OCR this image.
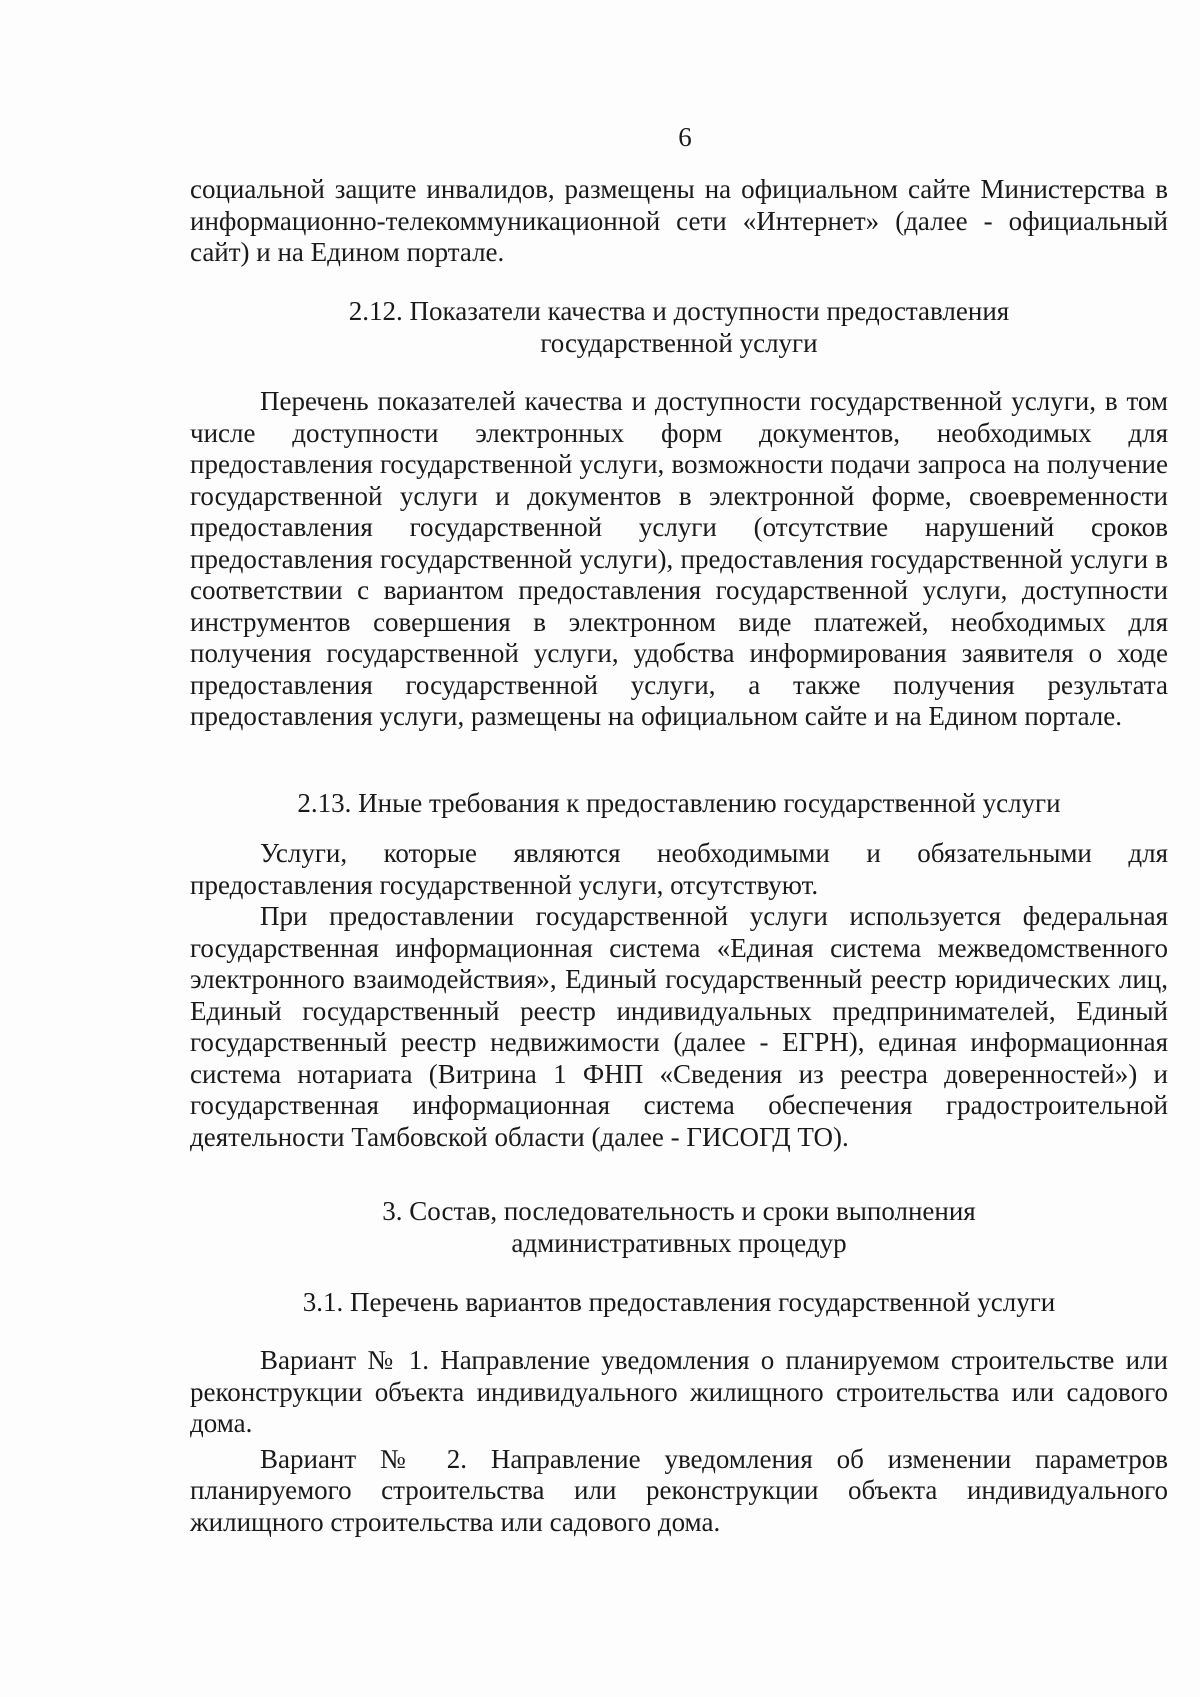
6

социальной защите инвалидов, размещены на официальном сайте Министерства в информационно-телекоммуникационной сети «Интернет» (далее - официальный сайт) и на Едином портале.

2.12. Показатели качества и доступности предоставления
государственной услуги

Перечень показателей качества и доступности государственной услуги, в том числе доступности электронных форм документов, необходимых для предоставления государственной услуги, возможности подачи запроса на получение государственной услуги и документов в электронной форме, своевременности предоставления государственной услуги (отсутствие нарушений сроков предоставления государственной услуги), предоставления государственной услуги в соответствии с вариантом предоставления государственной услуги, доступности инструментов совершения в электронном виде платежей, необходимых для получения государственной услуги, удобства информирования заявителя о ходе предоставления государственной услуги, а также получения результата предоставления услуги, размещены на официальном сайте и на Едином портале.

2.13. Иные требования к предоставлению государственной услуги

Услуги, которые являются необходимыми и обязательными для предоставления государственной услуги, отсутствуют.

При предоставлении государственной услуги используется федеральная государственная информационная система «Единая система межведомственного электронного взаимодействия», Единый государственный реестр юридических лиц, Единый государственный реестр индивидуальных предпринимателей, Единый государственный реестр недвижимости (далее - ЕГРН), единая информационная система нотариата (Витрина 1 ФНП «Сведения из реестра доверенностей») и государственная информационная система обеспечения градостроительной деятельности Тамбовской области (далее - ГИСОГД ТО).

3. Состав, последовательность и сроки выполнения
административных процедур
3.1. Перечень вариантов предоставления государственной услуги

Вариант № 1. Направление уведомления о планируемом строительстве или реконструкции объекта индивидуального жилищного строительства или садового дома.

Вариант № 2. Направление уведомления об изменении параметров планируемого строительства или реконструкции объекта индивидуального жилищного строительства или садового дома.
